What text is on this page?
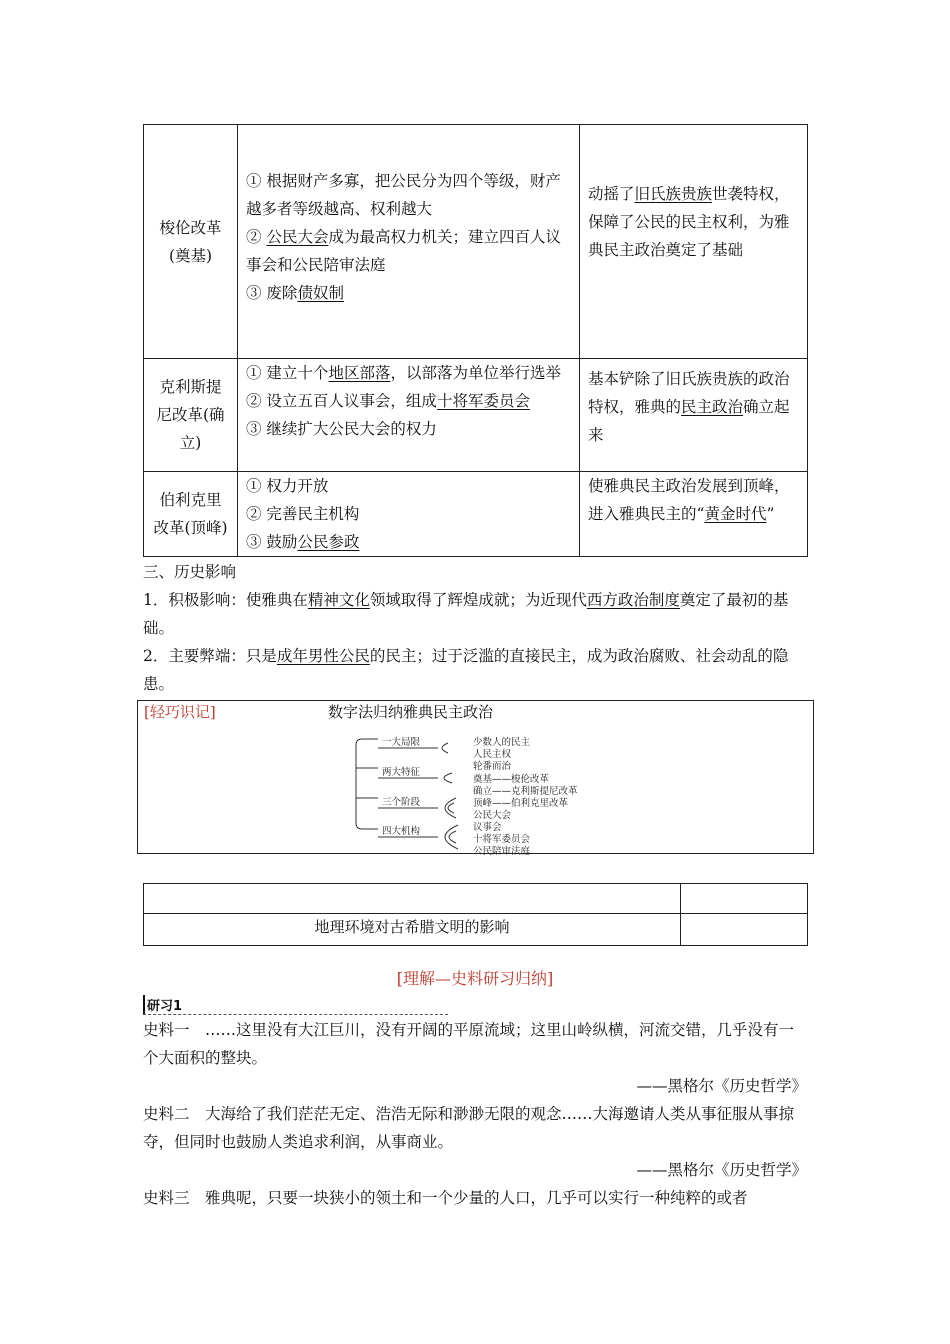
梭伦改革(奠基)	① 根据财产多寡，把公民分为四个等级，财产越多者等级越高、权利越大
② 公民大会成为最高权力机关；建立四百人议事会和公民陪审法庭
③ 废除债奴制	动摇了旧氏族贵族世袭特权，保障了公民的民主权利，为雅典民主政治奠定了基础

克利斯提尼改革(确立)	① 建立十个地区部落，以部落为单位举行选举
② 设立五百人议事会，组成十将军委员会
③ 继续扩大公民大会的权力	基本铲除了旧氏族贵族的政治特权，雅典的民主政治确立起来

伯利克里改革(顶峰)	① 权力开放
② 完善民主机构
③ 鼓励公民参政	使雅典民主政治发展到顶峰，进入雅典民主的“黄金时代”
三、历史影响
1．积极影响：使雅典在精神文化领域取得了辉煌成就；为近现代西方政治制度奠定了最初的基础。
2．主要弊端：只是成年男性公民的民主；过于泛滥的直接民主，成为政治腐败、社会动乱的隐患。
[轻巧识记]	数字法归纳雅典民主政治
一大局限
两大特征
三个阶段
四大机构
少数人的民主
人民主权
轮番而治
奠基——梭伦改革
确立——克利斯提尼改革
顶峰——伯利克里改革
公民大会
议事会
十将军委员会
公民陪审法庭

地理环境对古希腊文明的影响	
[理解—史料研习归纳]
研习1
史料一　 ……这里没有大江巨川，没有开阔的平原流域；这里山岭纵横，河流交错，几乎没有一个大面积的整块。
——黑格尔《历史哲学》
史料二　 大海给了我们茫茫无定、浩浩无际和渺渺无限的观念……大海邀请人类从事征服从事掠夺，但同时也鼓励人类追求利润，从事商业。
——黑格尔《历史哲学》
史料三　 雅典呢，只要一块狭小的领土和一个少量的人口，几乎可以实行一种纯粹的或者
